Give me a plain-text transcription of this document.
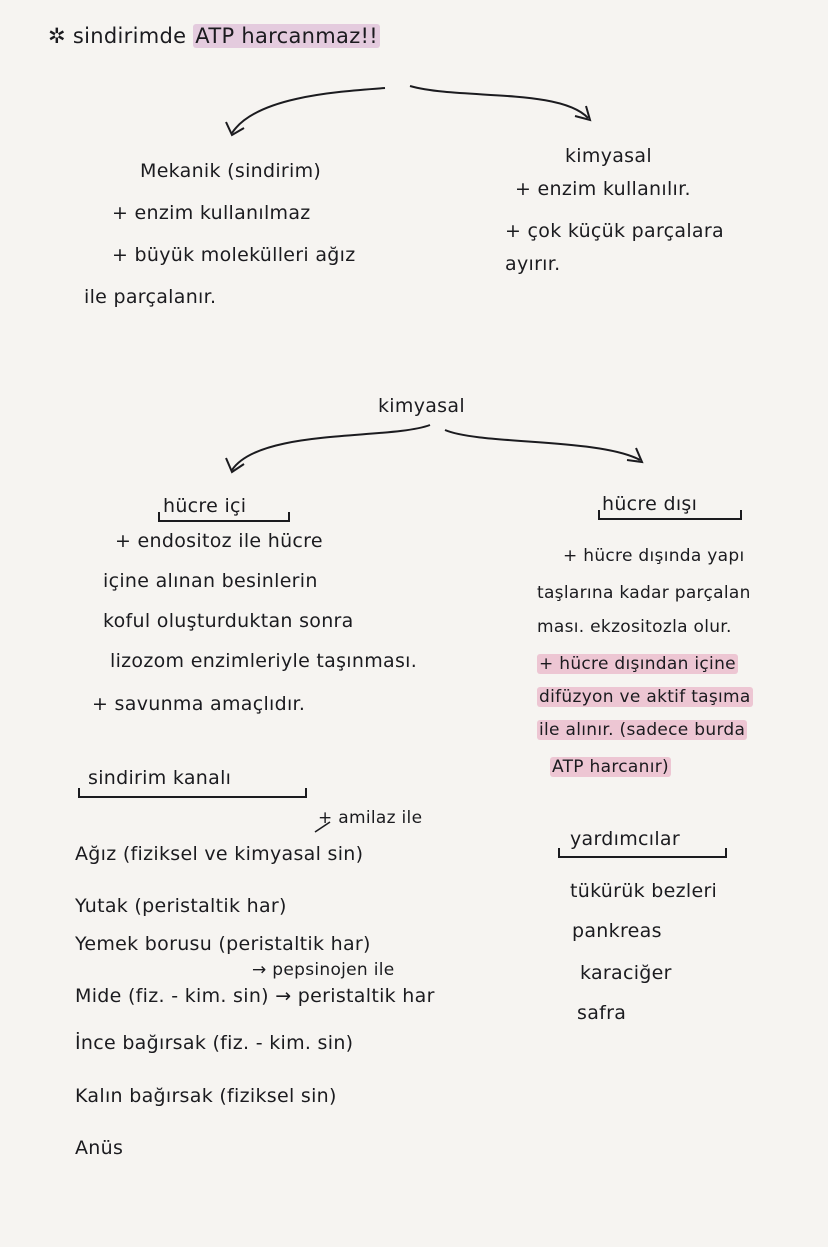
✲ sindirimde ATP harcanmaz!!
Mekanik (sindirim)
+ enzim kullanılmaz
+ büyük molekülleri ağız
ile parçalanır.
kimyasal
+ enzim kullanılır.
+ çok küçük parçalara
ayırır.
kimyasal
hücre içi
+ endositoz ile hücre
içine alınan besinlerin
koful oluşturduktan sonra
lizozom enzimleriyle taşınması.
+ savunma amaçlıdır.
hücre dışı
+ hücre dışında yapı
taşlarına kadar parçalan
ması. ekzositozla olur.
+ hücre dışından içine
difüzyon ve aktif taşıma
ile alınır. (sadece burda
ATP harcanır)
sindirim kanalı
+ amilaz ile
Ağız (fiziksel ve kimyasal sin)
Yutak (peristaltik har)
Yemek borusu (peristaltik har)
→ pepsinojen ile
Mide (fiz. - kim. sin) → peristaltik har
İnce bağırsak (fiz. - kim. sin)
Kalın bağırsak (fiziksel sin)
Anüs
yardımcılar
tükürük bezleri
pankreas
karaciğer
safra
